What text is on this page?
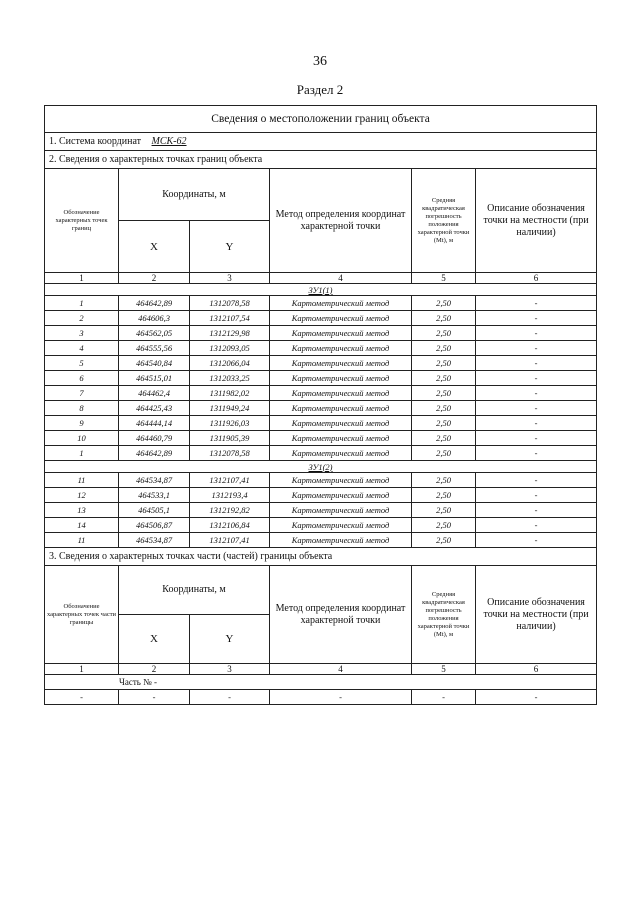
36
Раздел 2
Сведения о местоположении границ объекта					
1. Система координат МСК-62					
2. Сведения о характерных точках границ объекта					
Обозначение характерных точек границ	Координаты, м		Метод определения координат характерной точки	Средняя квадратическая погрешность положения характерной точки (Mt), м	Описание обозначения точки на местности (при наличии)
	X	Y			
1	2	3	4	5	6
ЗУ1(1)					
1	464642,89	1312078,58	Картометрический метод	2,50	-
2	464606,3	1312107,54	Картометрический метод	2,50	-
3	464562,05	1312129,98	Картометрический метод	2,50	-
4	464555,56	1312093,05	Картометрический метод	2,50	-
5	464540,84	1312066,04	Картометрический метод	2,50	-
6	464515,01	1312033,25	Картометрический метод	2,50	-
7	464462,4	1311982,02	Картометрический метод	2,50	-
8	464425,43	1311949,24	Картометрический метод	2,50	-
9	464444,14	1311926,03	Картометрический метод	2,50	-
10	464460,79	1311905,39	Картометрический метод	2,50	-
1	464642,89	1312078,58	Картометрический метод	2,50	-
ЗУ1(2)					
11	464534,87	1312107,41	Картометрический метод	2,50	-
12	464533,1	1312193,4	Картометрический метод	2,50	-
13	464505,1	1312192,82	Картометрический метод	2,50	-
14	464506,87	1312106,84	Картометрический метод	2,50	-
11	464534,87	1312107,41	Картометрический метод	2,50	-
3. Сведения о характерных точках части (частей) границы объекта					
Обозначение характерных точек части границы	Координаты, м		Метод определения координат характерной точки	Средняя квадратическая погрешность положения характерной точки (Mt), м	Описание обозначения точки на местности (при наличии)
	X	Y			
1	2	3	4	5	6
Часть № -					
-	-	-	-	-	-
